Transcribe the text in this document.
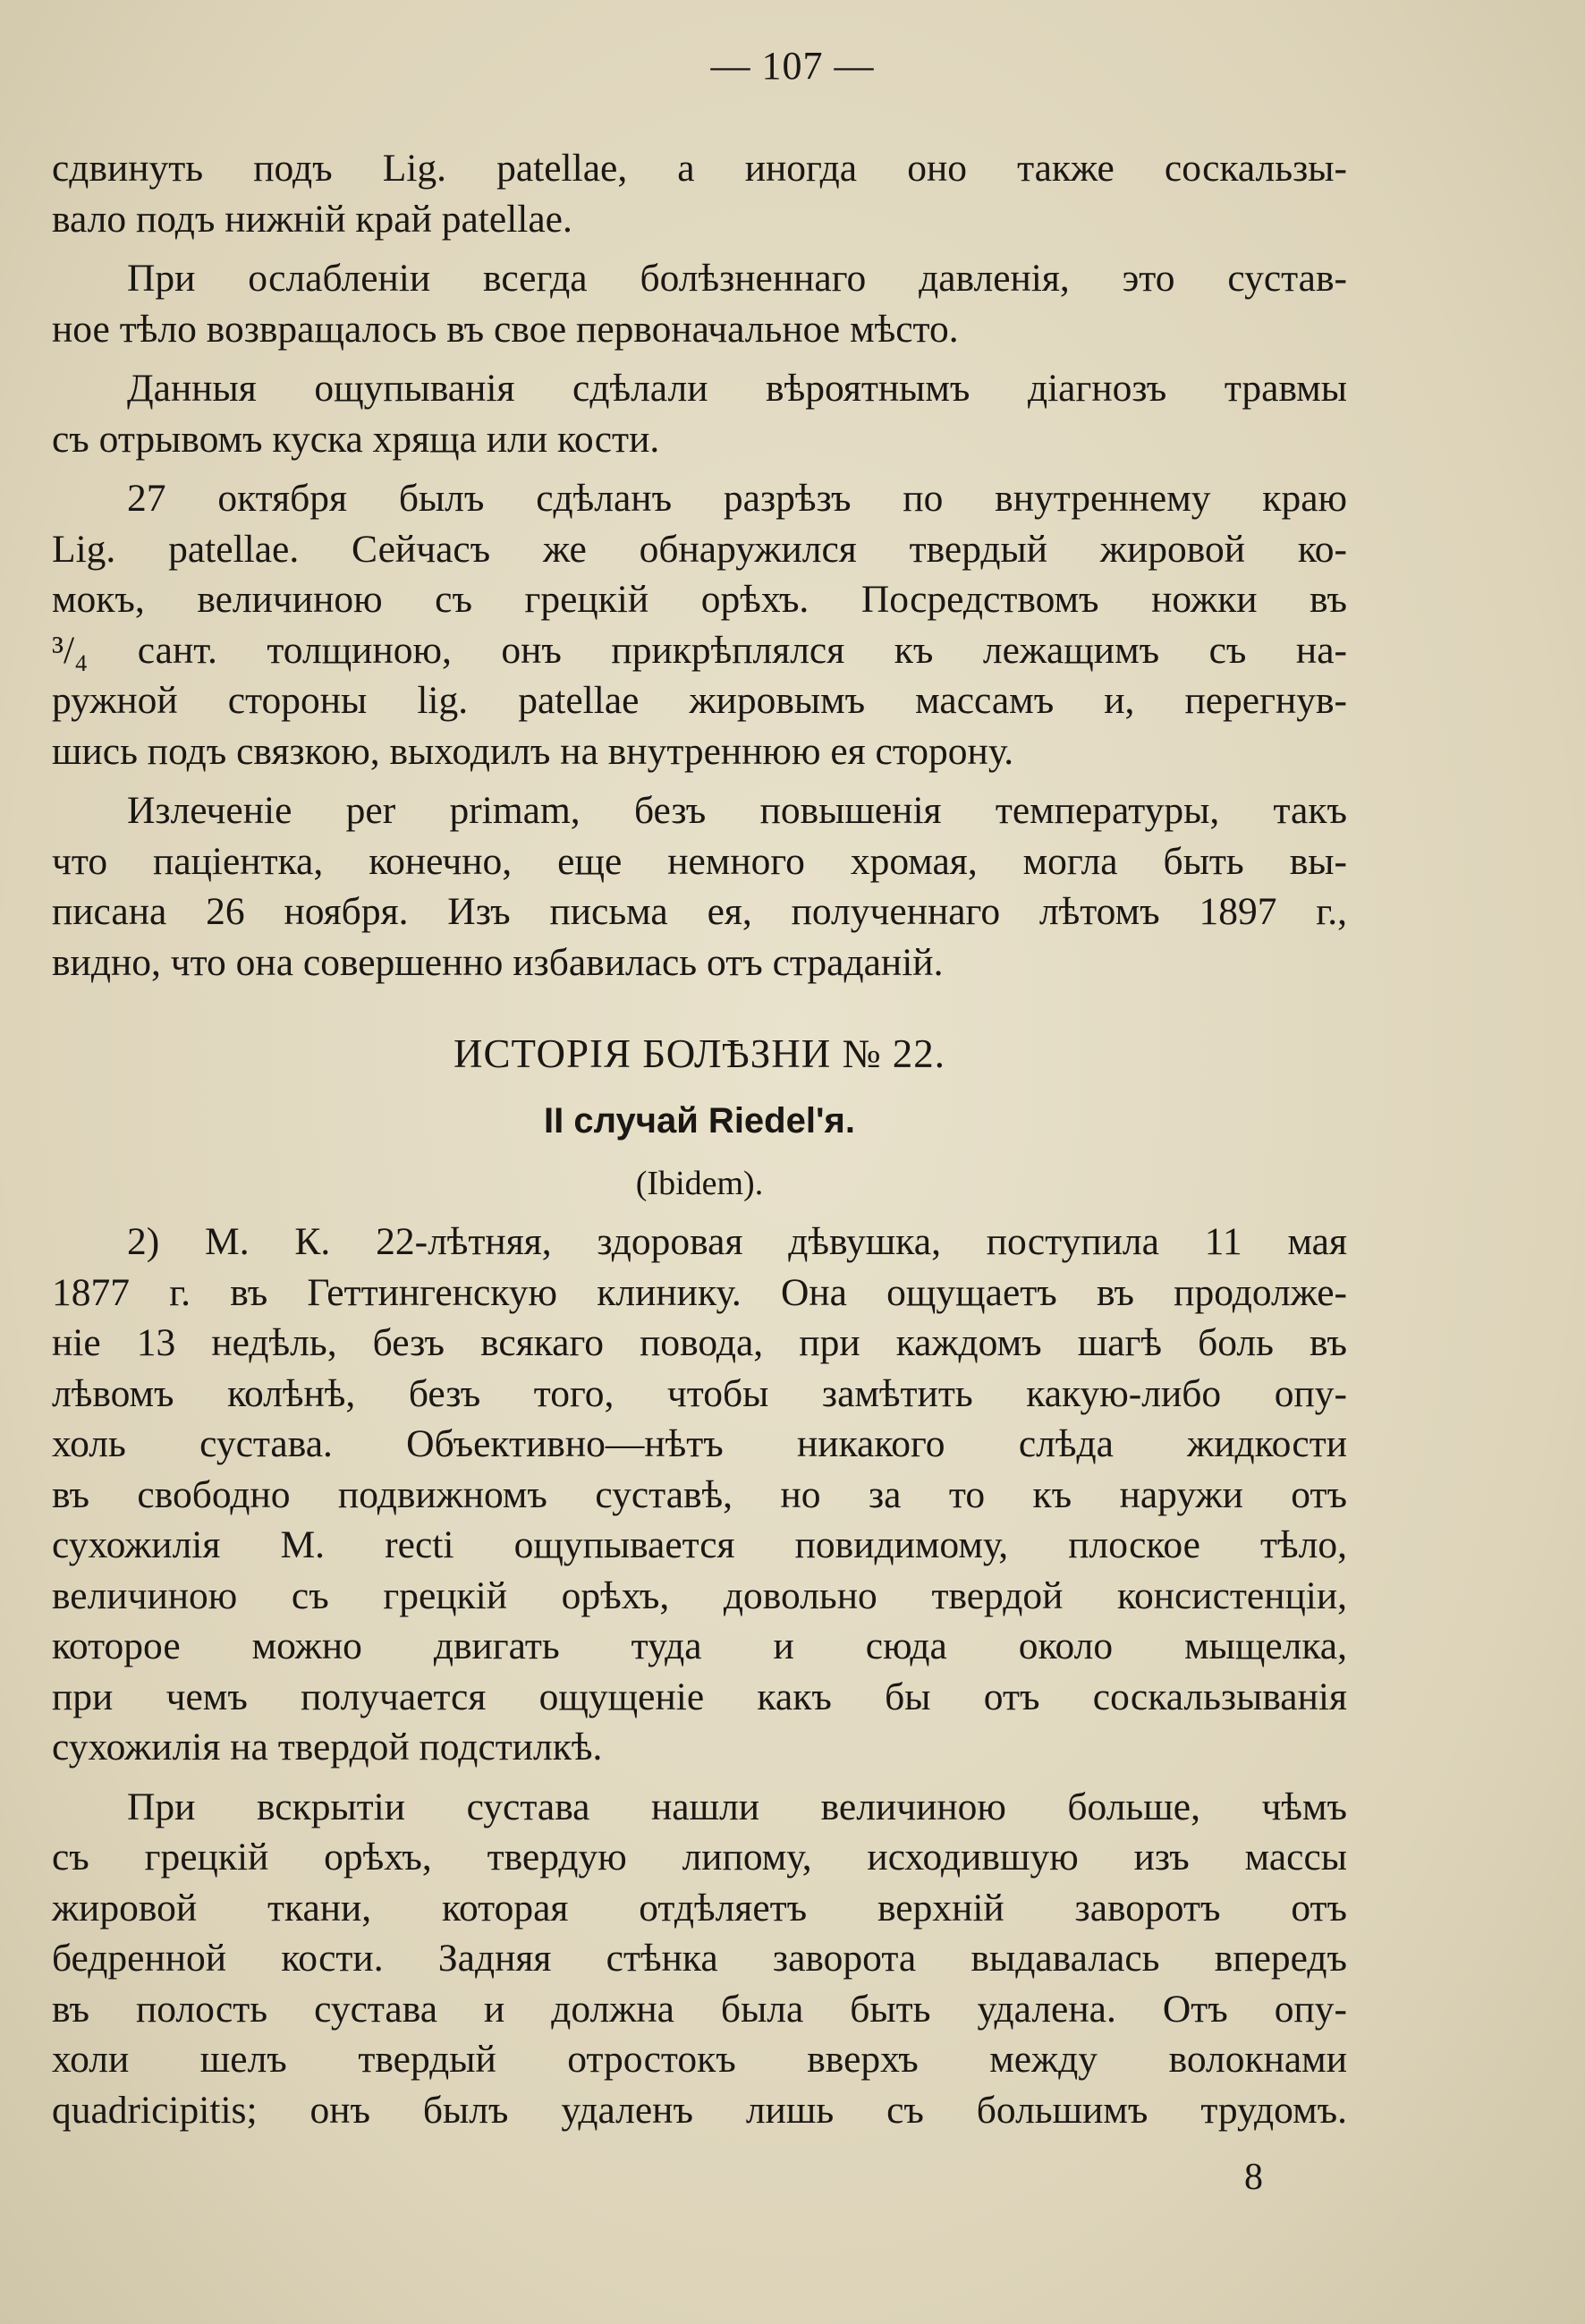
— 107 —

сдвинуть подъ Lig. patellae, а иногда оно также соскальзы-
вало подъ нижній край patellae.

При ослабленіи всегда болѣзненнаго давленія, это сустав-
ное тѣло возвращалось въ свое первоначальное мѣсто.

Данныя ощупыванія сдѣлали вѣроятнымъ діагнозъ травмы
съ отрывомъ куска хряща или кости.

27 октября былъ сдѣланъ разрѣзъ по внутреннему краю
Lig. patellae. Сейчасъ же обнаружился твердый жировой ко-
мокъ, величиною съ грецкій орѣхъ. Посредствомъ ножки въ
³/₄ сант. толщиною, онъ прикрѣплялся къ лежащимъ съ на-
ружной стороны lig. patellae жировымъ массамъ и, перегнув-
шись подъ связкою, выходилъ на внутреннюю ея сторону.

Излеченіе per primam, безъ повышенія температуры, такъ
что паціентка, конечно, еще немного хромая, могла быть вы-
писана 26 ноября. Изъ письма ея, полученнаго лѣтомъ 1897 г.,
видно, что она совершенно избавилась отъ страданій.

ИСТОРІЯ БОЛѢЗНИ № 22.
II случай Riedel'я.
(Ibidem).

2) М. К. 22-лѣтняя, здоровая дѣвушка, поступила 11 мая
1877 г. въ Геттингенскую клинику. Она ощущаетъ въ продолже-
ніе 13 недѣль, безъ всякаго повода, при каждомъ шагѣ боль въ
лѣвомъ колѣнѣ, безъ того, чтобы замѣтить какую-либо опу-
холь сустава. Объективно—нѣтъ никакого слѣда жидкости
въ свободно подвижномъ суставѣ, но за то къ наружи отъ
сухожилія M. recti ощупывается повидимому, плоское тѣло,
величиною съ грецкій орѣхъ, довольно твердой консистенціи,
которое можно двигать туда и сюда около мыщелка,
при чемъ получается ощущеніе какъ бы отъ соскальзыванія
сухожилія на твердой подстилкѣ.

При вскрытіи сустава нашли величиною больше, чѣмъ
съ грецкій орѣхъ, твердую липому, исходившую изъ массы
жировой ткани, которая отдѣляетъ верхній заворотъ отъ
бедренной кости. Задняя стѣнка заворота выдавалась впередъ
въ полость сустава и должна была быть удалена. Отъ опу-
холи шелъ твердый отростокъ вверхъ между волокнами
quadricipitis; онъ былъ удаленъ лишь съ большимъ трудомъ.

8
